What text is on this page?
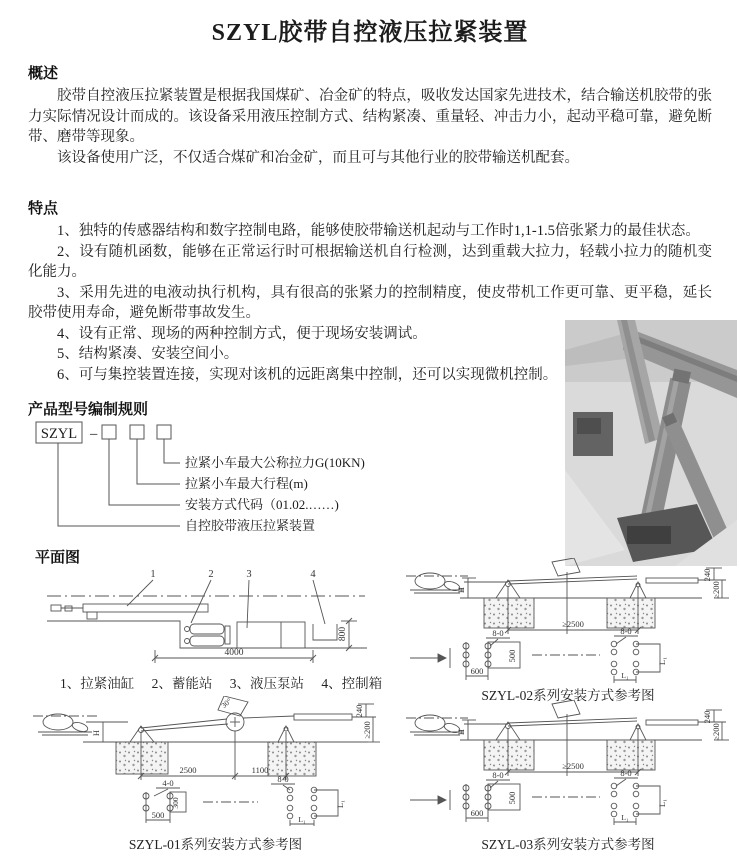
SZYL胶带自控液压拉紧装置
概述

胶带自控液压拉紧装置是根据我国煤矿、冶金矿的特点，吸收发达国家先进技术，结合输送机胶带的张力实际情况设计而成的。该设备采用液压控制方式、结构紧凑、重量轻、冲击力小，起动平稳可靠，避免断带、磨带等现象。

该设备使用广泛，不仅适合煤矿和冶金矿，而且可与其他行业的胶带输送机配套。

特点

1、独特的传感器结构和数字控制电路，能够使胶带输送机起动与工作时1,1-1.5倍张紧力的最佳状态。

2、设有随机函数，能够在正常运行时可根据输送机自行检测，达到重载大拉力，轻载小拉力的随机变化能力。

3、采用先进的电液动执行机构，具有很高的张紧力的控制精度，使皮带机工作更可靠、更平稳，延长胶带使用寿命，避免断带事故发生。

4、设有正常、现场的两种控制方式，便于现场安装调试。

5、结构紧凑、安装空间小。

6、可与集控装置连接，实现对该机的远距离集中控制，还可以实现微机控制。

产品型号编制规则
SZYL –
拉紧小车最大公称拉力G(10KN)
拉紧小车最大行程(m)
安装方式代码（01.02.……)
自控胶带液压拉紧装置
平面图
1	2	3	4
4000
800
1、拉紧油缸 2、蓄能站 3、液压泵站 4、控制箱
H
240
≥200
≥2500
8-0	8-0
500
600
L₁
L₁
SZYL-02系列安装方式参考图
H
30°
240
≥200
2500	1100
4-0
300
500
8-0
L₁
L₁
SZYL-01系列安装方式参考图
H
240
≥200
≥2500
8-0	8-0
500
600
L₁
L₁
SZYL-03系列安装方式参考图
